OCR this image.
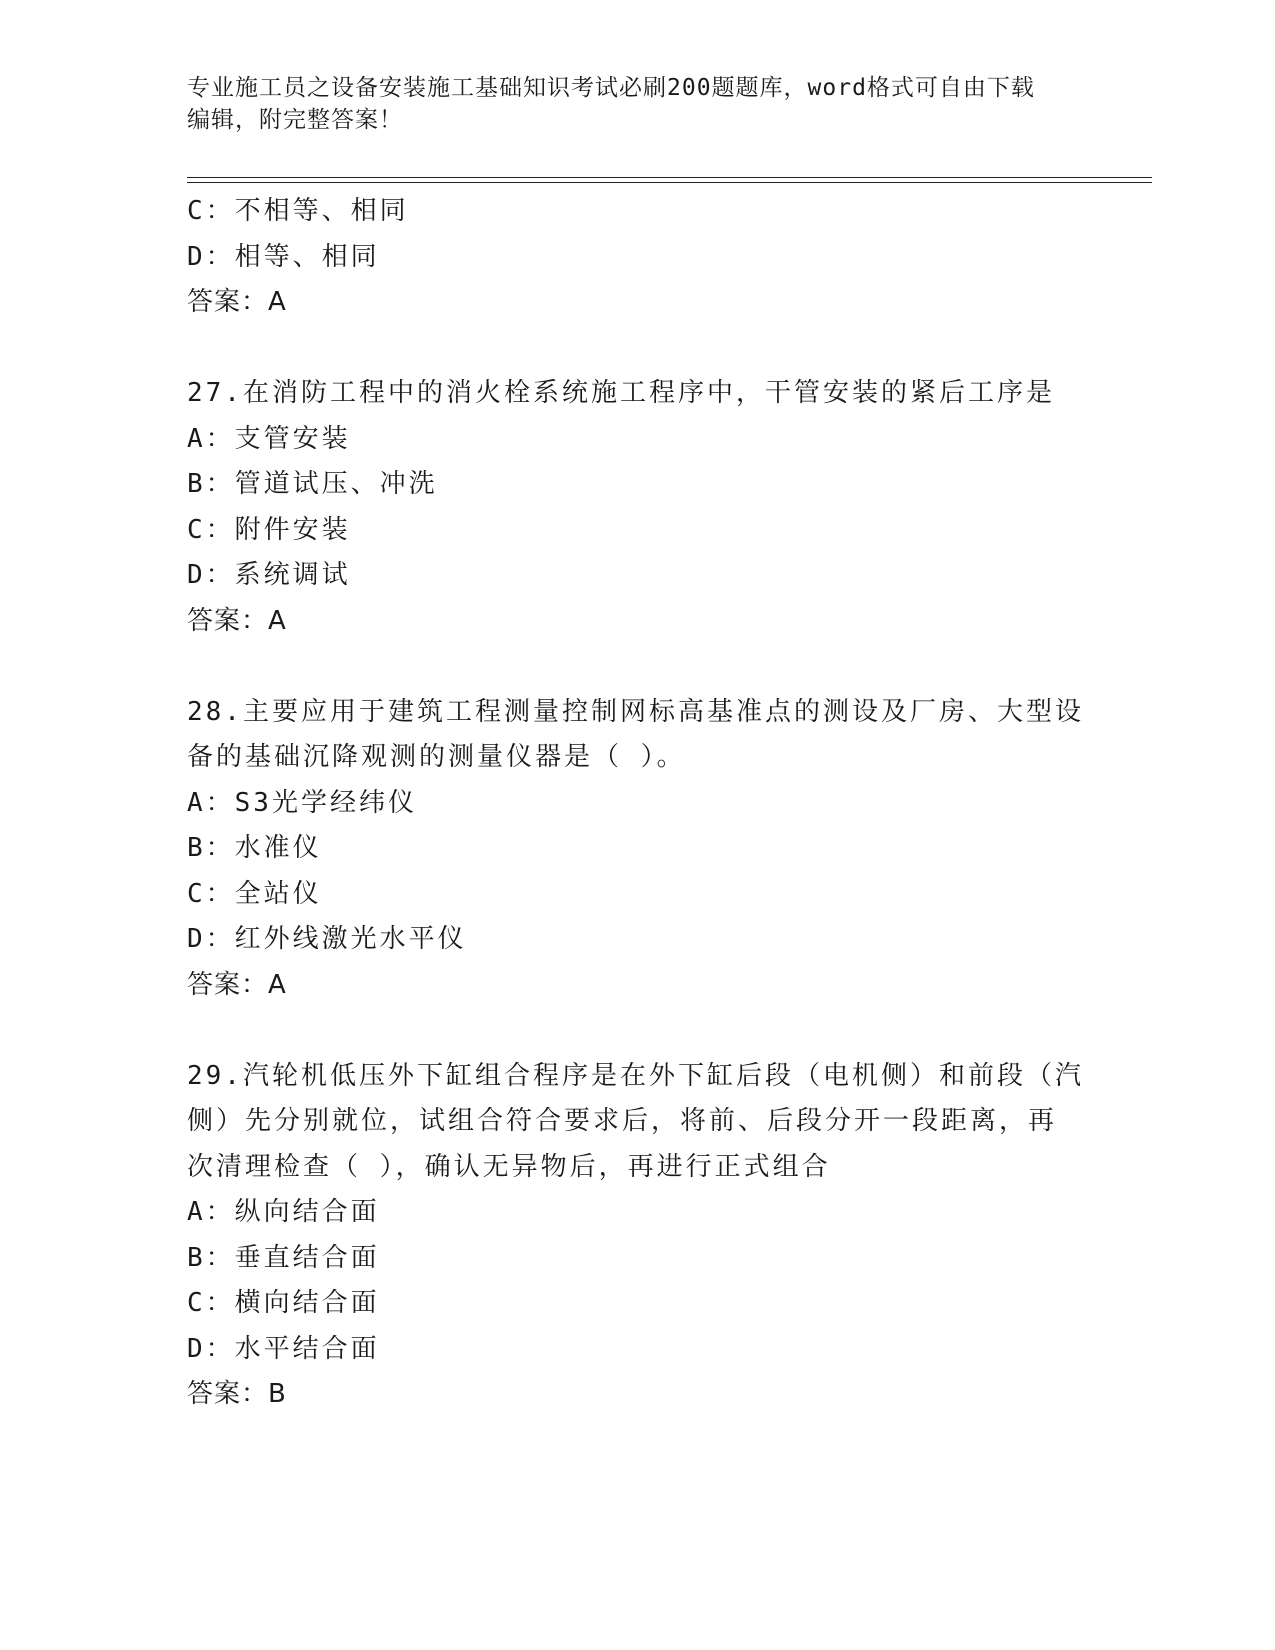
专业施工员之设备安装施工基础知识考试必刷200题题库，word格式可自由下载
编辑，附完整答案！
C：不相等、相同
D：相等、相同
答案：A
27.在消防工程中的消火栓系统施工程序中，干管安装的紧后工序是
A：支管安装
B：管道试压、冲洗
C：附件安装
D：系统调试
答案：A
28.主要应用于建筑工程测量控制网标高基准点的测设及厂房、大型设
备的基础沉降观测的测量仪器是（ ）。
A：S3光学经纬仪
B：水准仪
C：全站仪
D：红外线激光水平仪
答案：A
29.汽轮机低压外下缸组合程序是在外下缸后段（电机侧）和前段（汽
侧）先分别就位，试组合符合要求后，将前、后段分开一段距离，再
次清理检查（ ），确认无异物后，再进行正式组合
A：纵向结合面
B：垂直结合面
C：横向结合面
D：水平结合面
答案：B
